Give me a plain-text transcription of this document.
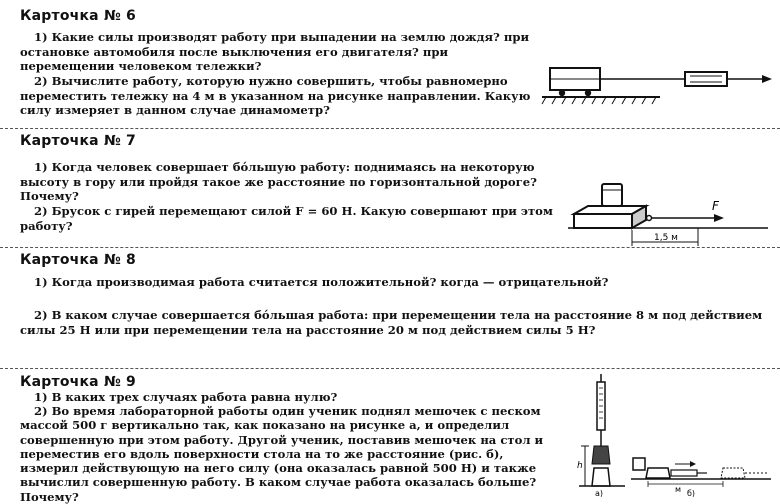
Карточка № 6
1) Какие силы производят работу при выпадении на землю дождя? при остановке автомобиля после выключения его двигателя? при перемещении человеком тележки?
2) Вычислите работу, которую нужно совершить, чтобы равномерно переместить тележку на 4 м в указанном на рисунке направлении. Какую силу измеряет в данном случае динамометр?
Карточка № 7
1) Когда человек совершает бóльшую работу: поднимаясь на некоторую высоту в гору или пройдя такое же расстояние по горизонтальной дороге? Почему?
2) Брусок с гирей перемещают силой F = 60 Н. Какую совершают при этом работу?
F
1,5 м
Карточка № 8
1) Когда производимая работа считается положительной? когда — отрицательной?
2) В каком случае совершается бóльшая работа: при перемещении тела на расстояние 8 м под действием силы 25 Н или при перемещении тела на расстояние 20 м под действием силы 5 Н?
Карточка № 9
1) В каких трех случаях работа равна нулю?
2) Во время лабораторной работы один ученик поднял мешочек с песком массой 500 г вертикально так, как показано на рисунке а, и определил совершенную при этом работу. Другой ученик, поставив мешочек на стол и переместив его вдоль поверхности стола на то же расстояние (рис. б), измерил действующую на него силу (она оказалась равной 500 Н) и также вычислил совершенную работу. В каком случае работа оказалась больше? Почему?
h
а)	м б)
